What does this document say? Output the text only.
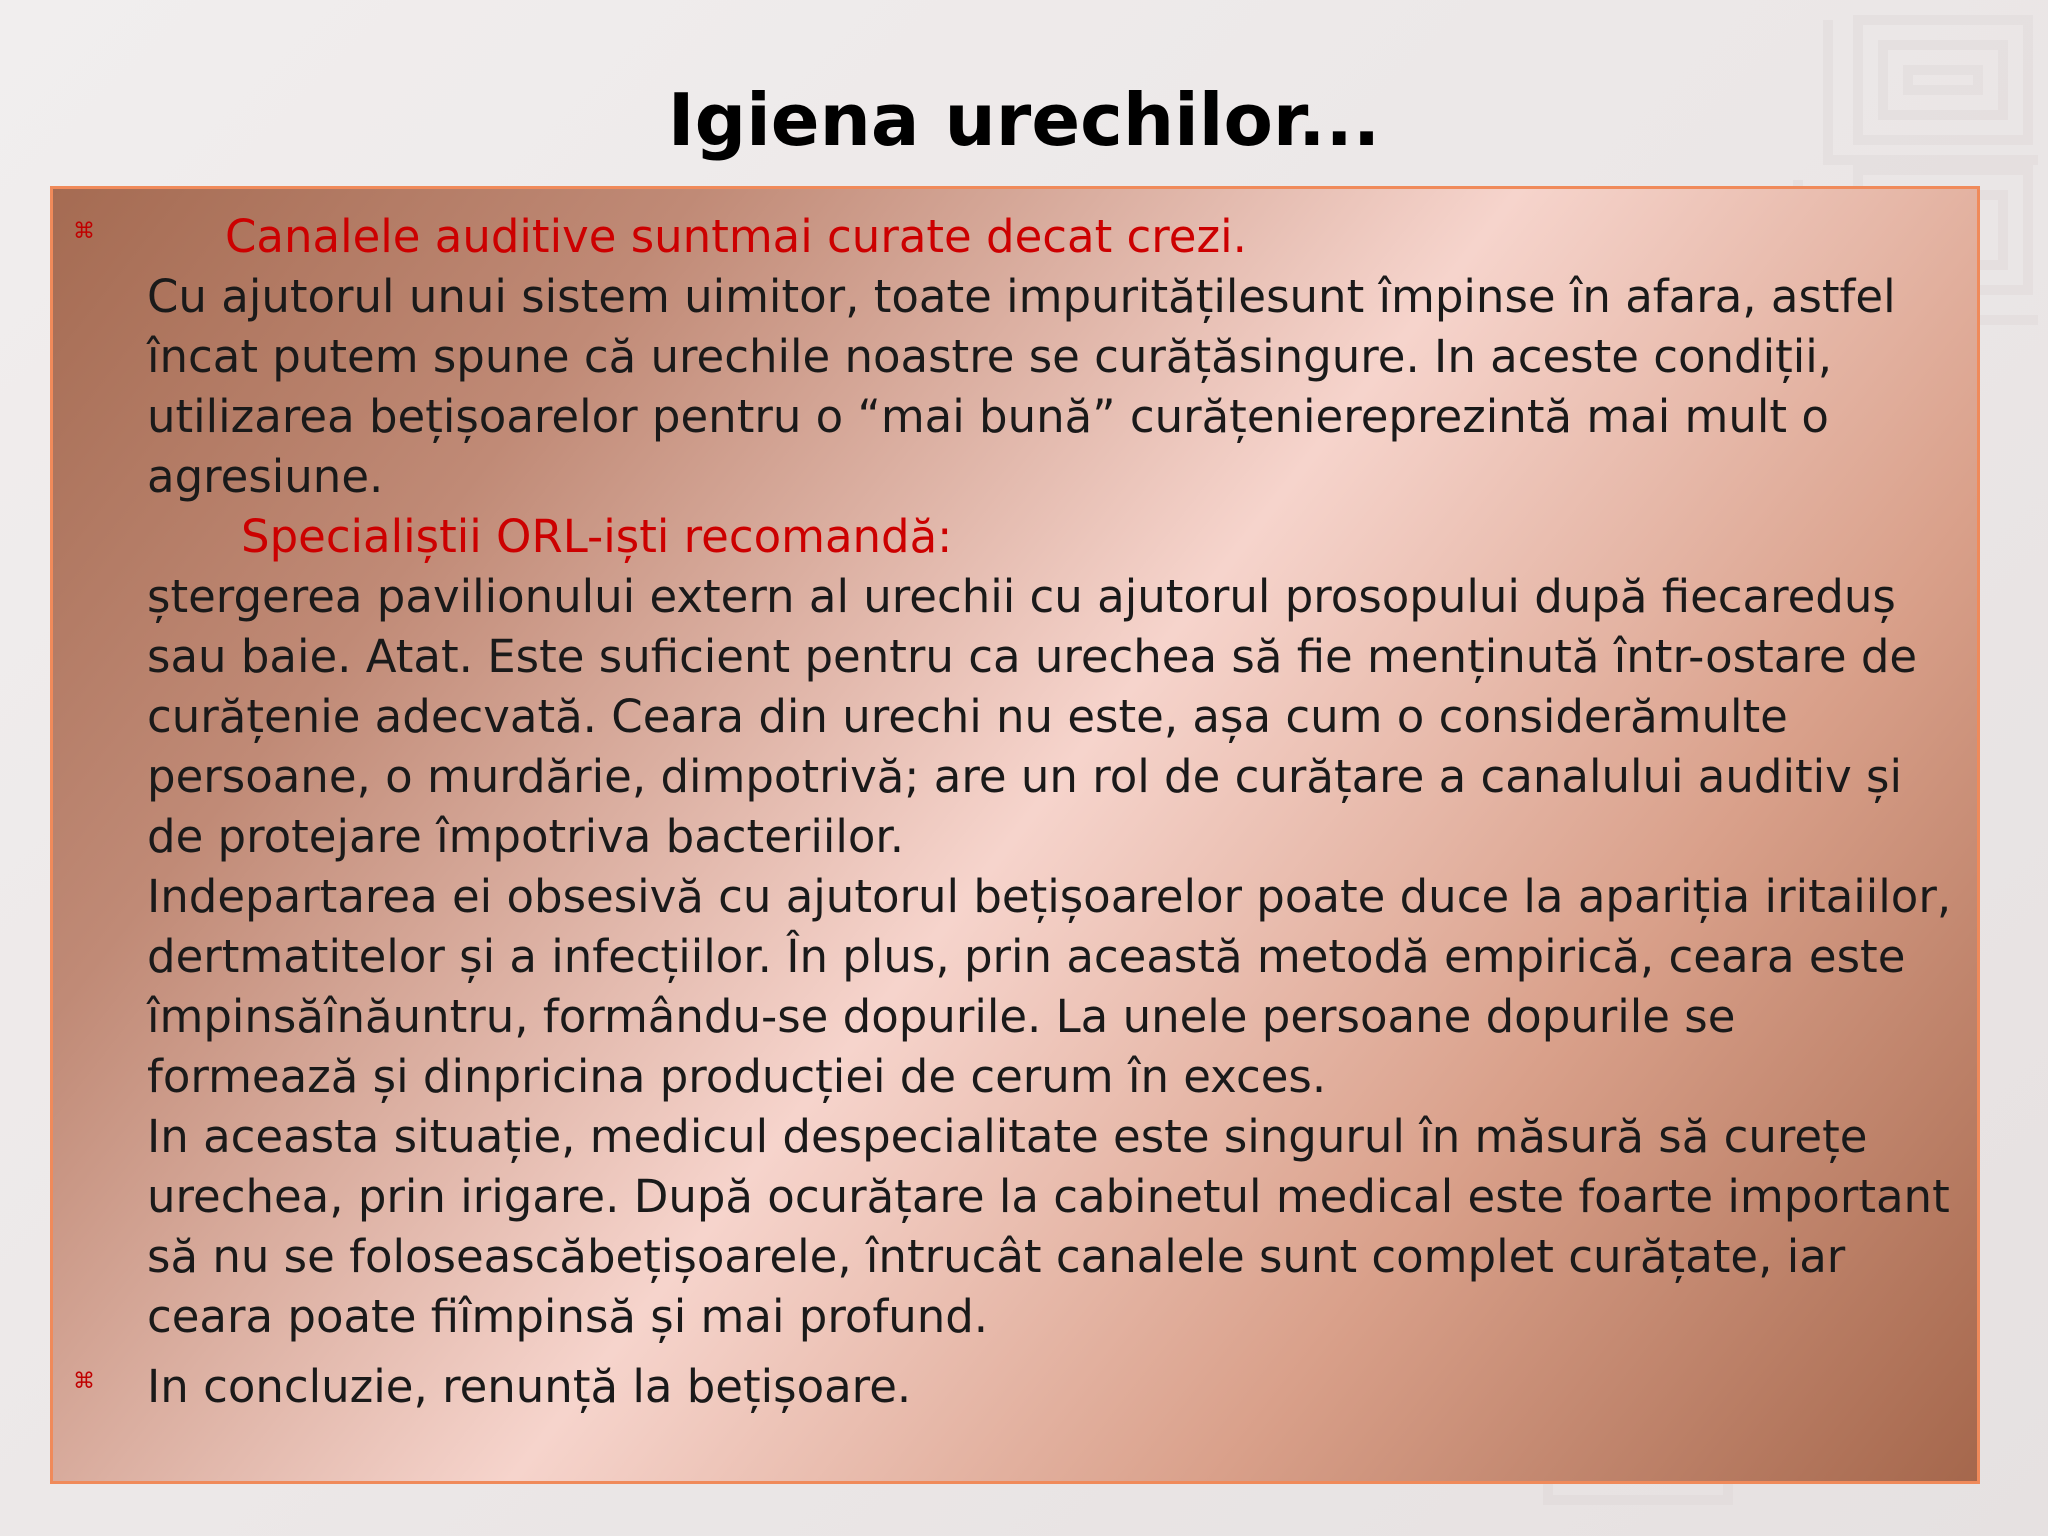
Igiena urechilor...
⌘	Canalele auditive suntmai curate decat crezi.

Cu ajutorul unui sistem uimitor, toate impuritățilesunt împinse în afara, astfel încat putem spune că urechile noastre se curățăsingure. In aceste condiții, utilizarea bețișoarelor pentru o “mai bună” curățeniereprezintă mai mult o agresiune.

Specialiștii ORL-iști recomandă:

ștergerea pavilionului extern al urechii cu ajutorul prosopului după fiecareduș sau baie. Atat. Este suficient pentru ca urechea să fie menținută într-ostare de curățenie adecvată. Ceara din urechi nu este, așa cum o considerămulte persoane, o murdărie, dimpotrivă; are un rol de curățare a canalului auditiv și de protejare împotriva bacteriilor.

Indepartarea ei obsesivă cu ajutorul bețișoarelor poate duce la apariția iritaiilor, dertmatitelor și a infecțiilor. În plus, prin această metodă empirică, ceara este împinsăînăuntru, formându-se dopurile. La unele persoane dopurile se formează și dinpricina producției de cerum în exces.

In aceasta situație, medicul despecialitate este singurul în măsură să curețe urechea, prin irigare. După ocurățare la cabinetul medical este foarte important să nu se foloseascăbețișoarele, întrucât canalele sunt complet curățate, iar ceara poate fiîmpinsă și mai profund.

⌘ In concluzie, renunță la bețișoare.
